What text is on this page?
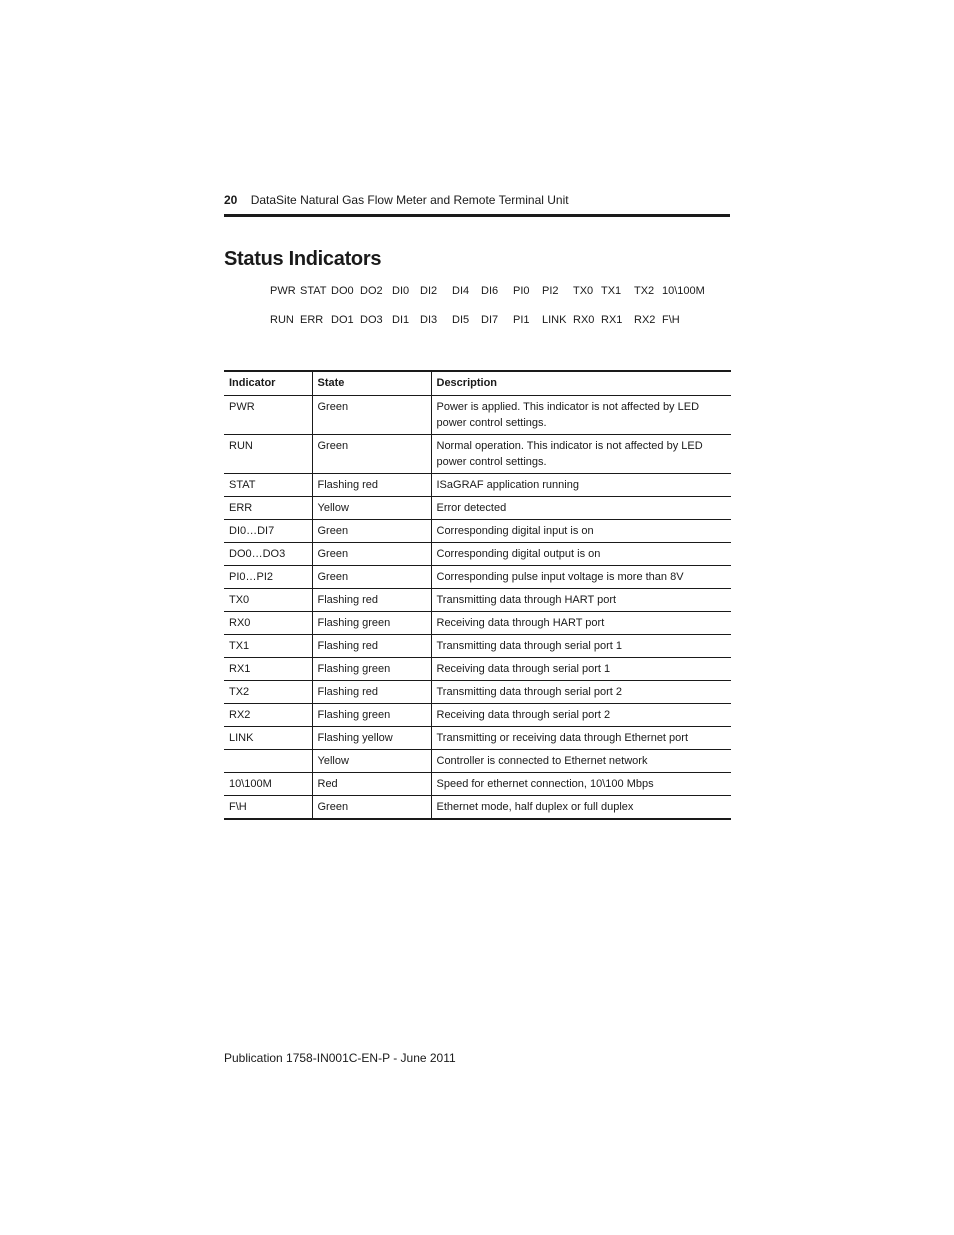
20 DataSite Natural Gas Flow Meter and Remote Terminal Unit
Status Indicators
PWR STAT DO0 DO2 DI0 DI2 DI4 DI6 PI0 PI2 TX0 TX1 TX2 10\100M
RUN ERR DO1 DO3 DI1 DI3 DI5 DI7 PI1 LINK RX0 RX1 RX2 F\H
Indicator	State	Description
PWR	Green	Power is applied. This indicator is not affected by LED power control settings.
RUN	Green	Normal operation. This indicator is not affected by LED power control settings.
STAT	Flashing red	ISaGRAF application running
ERR	Yellow	Error detected
DI0…DI7	Green	Corresponding digital input is on
DO0…DO3	Green	Corresponding digital output is on
PI0…PI2	Green	Corresponding pulse input voltage is more than 8V
TX0	Flashing red	Transmitting data through HART port
RX0	Flashing green	Receiving data through HART port
TX1	Flashing red	Transmitting data through serial port 1
RX1	Flashing green	Receiving data through serial port 1
TX2	Flashing red	Transmitting data through serial port 2
RX2	Flashing green	Receiving data through serial port 2
LINK	Flashing yellow	Transmitting or receiving data through Ethernet port
	Yellow	Controller is connected to Ethernet network
10\100M	Red	Speed for ethernet connection, 10\100 Mbps
F\H	Green	Ethernet mode, half duplex or full duplex
Publication 1758-IN001C-EN-P - June 2011
